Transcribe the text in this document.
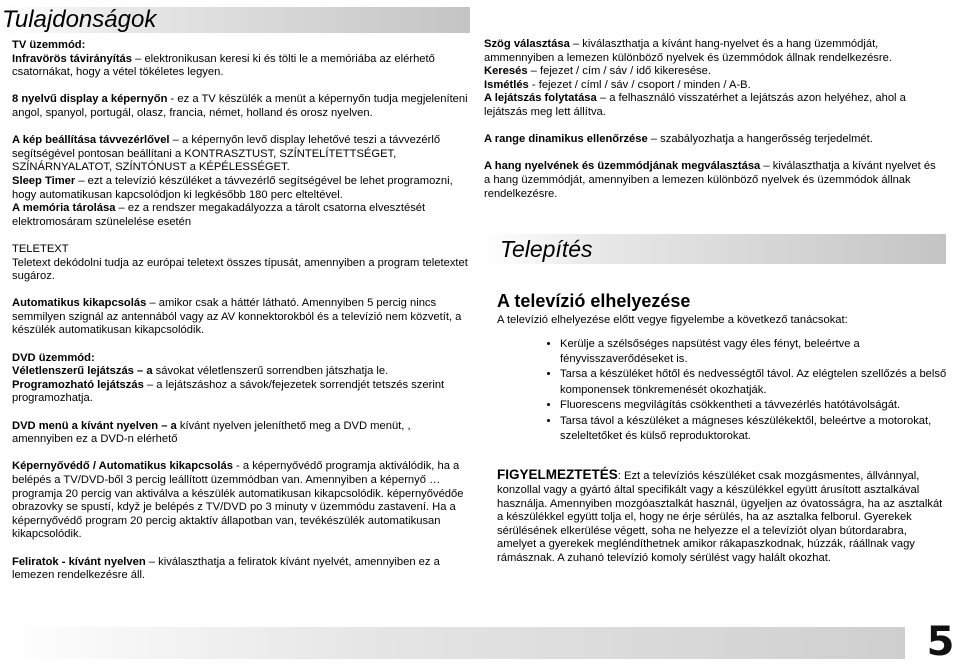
Tulajdonságok

TV üzemmód:

Infravörös távirányítás – elektronikusan keresi ki és tölti le a memóriába az elérhető csatornákat, hogy a vétel tökéletes legyen.

8 nyelvű display a képernyőn - ez a TV készülék a menüt a képernyőn tudja megjeleníteni angol, spanyol, portugál, olasz, francia, német, holland és orosz nyelven.

A kép beállítása távvezérlővel – a képernyőn levő display lehetővé teszi a távvezérlő segítségével pontosan beállítani a KONTRASZTUST, SZÍNTELÍTETTSÉGET, SZÍNÁRNYALATOT, SZÍNTÓNUST a KÉPÉLESSÉGET.

Sleep Timer – ezt a televízió készüléket a távvezérlő segítségével be lehet programozni, hogy automatikusan kapcsolódjon ki legkésőbb 180 perc elteltével.

A memória tárolása – ez a rendszer megakadályozza a tárolt csatorna elvesztését elektromosáram szünelelése esetén

TELETEXT

Teletext dekódolni tudja az európai teletext összes típusát, amennyiben a program teletextet sugároz.

Automatikus kikapcsolás – amikor csak a háttér látható. Amennyiben 5 percig nincs semmilyen szignál az antennából vagy az AV konnektorokból és a televízió nem közvetít, a készülék automatikusan kikapcsolódik.

DVD üzemmód:

Véletlenszerű lejátszás – a sávokat véletlenszerű sorrendben játszhatja le.

Programozható lejátszás – a lejátszáshoz a sávok/fejezetek sorrendjét tetszés szerint programozhatja.

DVD menü a kívánt nyelven – a kívánt nyelven jeleníthető meg a DVD menüt, , amennyiben ez a DVD-n elérhető

Képernyővédő / Automatikus kikapcsolás - a képernyővédő programja aktiválódik, ha a belépés a TV/DVD-ből 3 percig leállított üzemmódban van. Amennyiben a képernyő … programja 20 percig van aktiválva a készülék automatikusan kikapcsolódik. képernyővédőe obrazovky se spustí, když je belépés z TV/DVD po 3 minuty v üzemmódu zastavení. Ha a képernyővédő program 20 percig aktaktív állapotban van, tevékészülék automatikusan kikapcsolódik.

Feliratok - kívánt nyelven – kiválaszthatja a feliratok kívánt nyelvét, amennyiben ez a lemezen rendelkezésre áll.

Szög választása – kiválaszthatja a kívánt hang-nyelvet és a hang üzemmódját, ammennyiben a lemezen különböző nyelvek és üzemmódok állnak rendelkezésre.

Keresés – fejezet / cím / sáv / idő kikeresése.

Ismétlés - fejezet / címl / sáv / csoport / minden / A-B.

A lejátszás folytatása – a felhasználó visszatérhet a lejátszás azon helyéhez, ahol a lejátszás meg lett állítva.

A range dinamikus ellenőrzése – szabályozhatja a hangerősség terjedelmét.

A hang nyelvének és üzemmódjának megválasztása – kiválaszthatja a kívánt nyelvet és a hang üzemmódját, amennyiben a lemezen különböző nyelvek és üzemmódok állnak rendelkezésre.

Telepítés
A televízió elhelyezése

A televízió elhelyezése előtt vegye figyelembe a következő tanácsokat:

• Kerülje a szélsőséges napsütést vagy éles fényt, beleértve a fényvisszaverődéseket is.
• Tarsa a készüléket hőtől és nedvességtől távol. Az elégtelen szellőzés a belső komponensek tönkremenését okozhatják.
• Fluorescens megvilágítás csökkentheti a távvezérlés hatótávolságát.
• Tarsa távol a készüléket a mágneses készülékektől, beleértve a motorokat, szeleltetőket és külső reproduktorokat.

FIGYELMEZTETÉS: Ezt a televíziós készüléket csak mozgásmentes, állvánnyal, konzollal vagy a gyártó által specifikált vagy a készülékkel együtt árusított asztalkával használja. Amennyiben mozgóasztalkát használ, ügyeljen az óvatosságra, ha az asztalkát a készülékkel együtt tolja el, hogy ne érje sérülés, ha az asztalka felborul. Gyerekek sérülésének elkerülése végett, soha ne helyezze el a televíziót olyan bútordarabra, amelyet a gyerekek megléndíthetnek amikor rákapaszkodnak, húzzák, ráállnak vagy rámásznak. A zuhanó televízió komoly sérülést vagy halált okozhat.

5
